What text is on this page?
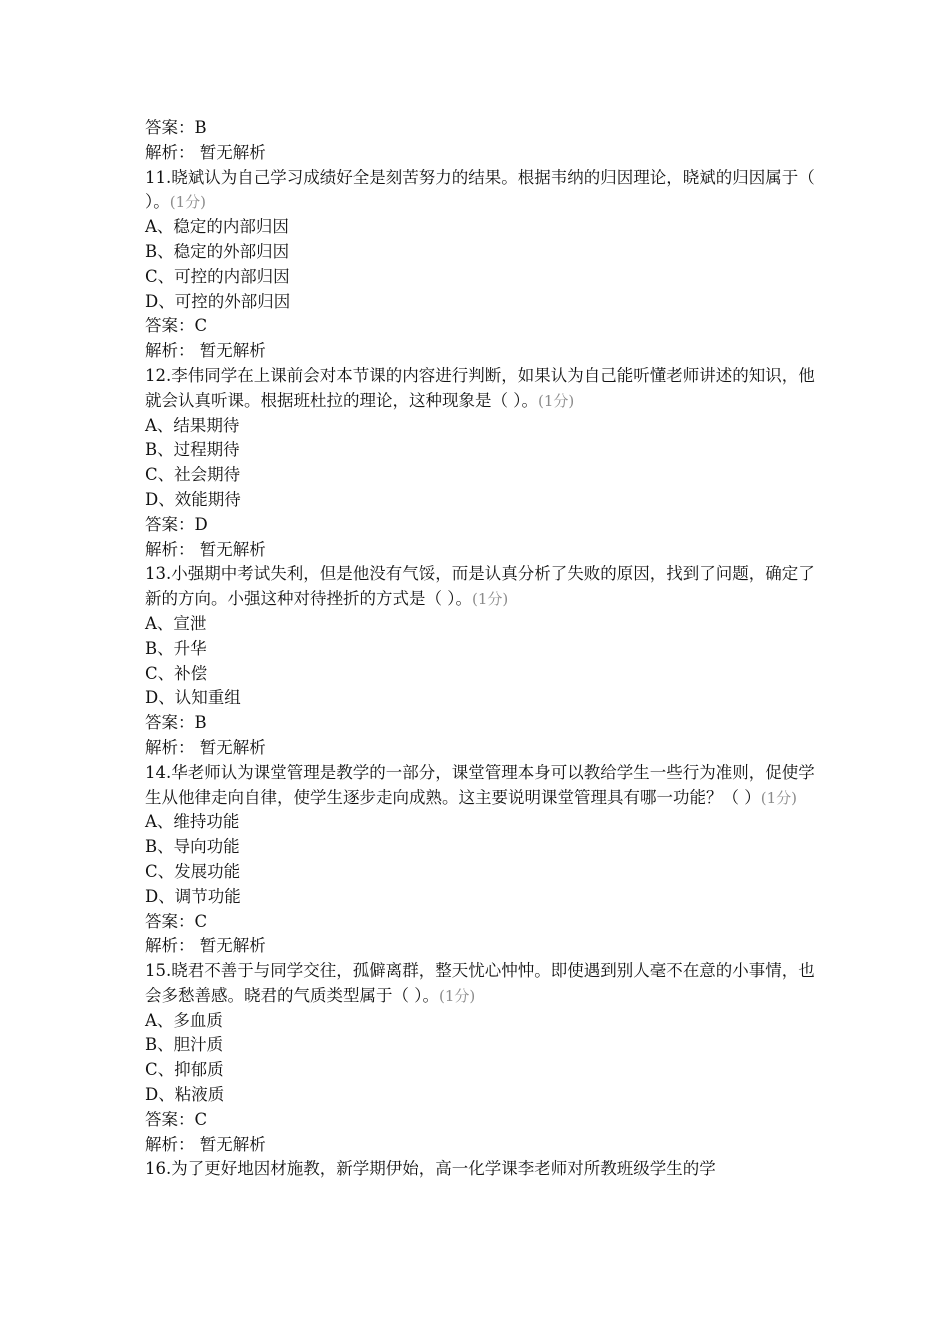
答案：B
解析： 暂无解析
11.晓斌认为自己学习成绩好全是刻苦努力的结果。根据韦纳的归因理论，晓斌的归因属于（ ）。(1分)
A、稳定的内部归因
B、稳定的外部归因
C、可控的内部归因
D、可控的外部归因
答案：C
解析： 暂无解析
12.李伟同学在上课前会对本节课的内容进行判断，如果认为自己能听懂老师讲述的知识，他就会认真听课。根据班杜拉的理论，这种现象是（ ）。(1分)
A、结果期待
B、过程期待
C、社会期待
D、效能期待
答案：D
解析： 暂无解析
13.小强期中考试失利，但是他没有气馁，而是认真分析了失败的原因，找到了问题，确定了新的方向。小强这种对待挫折的方式是（ ）。(1分)
A、宣泄
B、升华
C、补偿
D、认知重组
答案：B
解析： 暂无解析
14.华老师认为课堂管理是教学的一部分，课堂管理本身可以教给学生一些行为准则，促使学生从他律走向自律，使学生逐步走向成熟。这主要说明课堂管理具有哪一功能？（ ）(1分)
A、维持功能
B、导向功能
C、发展功能
D、调节功能
答案：C
解析： 暂无解析
15.晓君不善于与同学交往，孤僻离群，整天忧心忡忡。即使遇到别人毫不在意的小事情，也会多愁善感。晓君的气质类型属于（ ）。(1分)
A、多血质
B、胆汁质
C、抑郁质
D、粘液质
答案：C
解析： 暂无解析
16.为了更好地因材施教，新学期伊始，高一化学课李老师对所教班级学生的学
